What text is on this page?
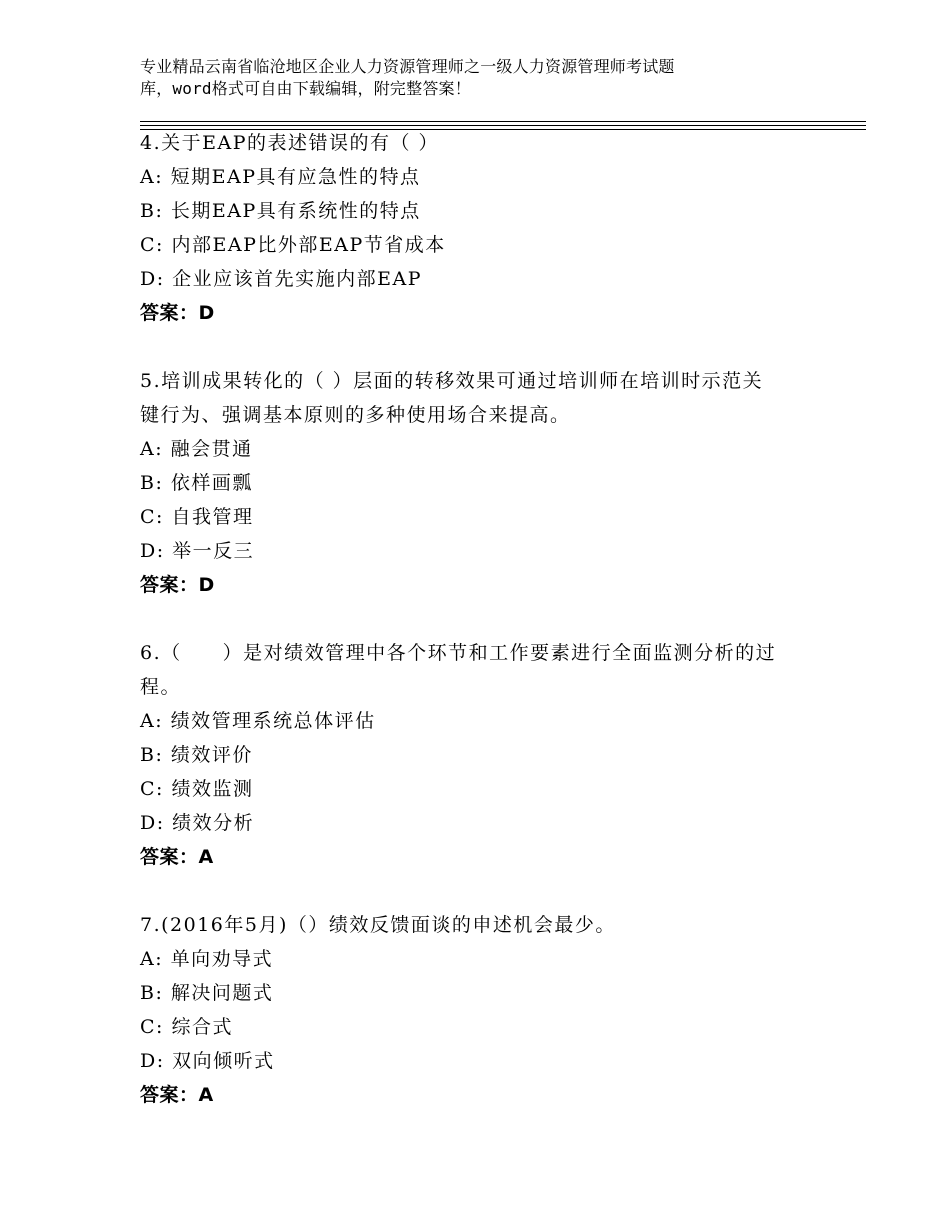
专业精品云南省临沧地区企业人力资源管理师之一级人力资源管理师考试题
库，word格式可自由下载编辑，附完整答案！
4.关于EAP的表述错误的有（ ）
A: 短期EAP具有应急性的特点
B: 长期EAP具有系统性的特点
C: 内部EAP比外部EAP节省成本
D: 企业应该首先实施内部EAP
答案：D
5.培训成果转化的（ ）层面的转移效果可通过培训师在培训时示范关
键行为、强调基本原则的多种使用场合来提高。
A: 融会贯通
B: 依样画瓢
C: 自我管理
D: 举一反三
答案：D
6.（　　）是对绩效管理中各个环节和工作要素进行全面监测分析的过
程。
A: 绩效管理系统总体评估
B: 绩效评价
C: 绩效监测
D: 绩效分析
答案：A
7.(2016年5月)（）绩效反馈面谈的申述机会最少。
A: 单向劝导式
B: 解决问题式
C: 综合式
D: 双向倾听式
答案：A
